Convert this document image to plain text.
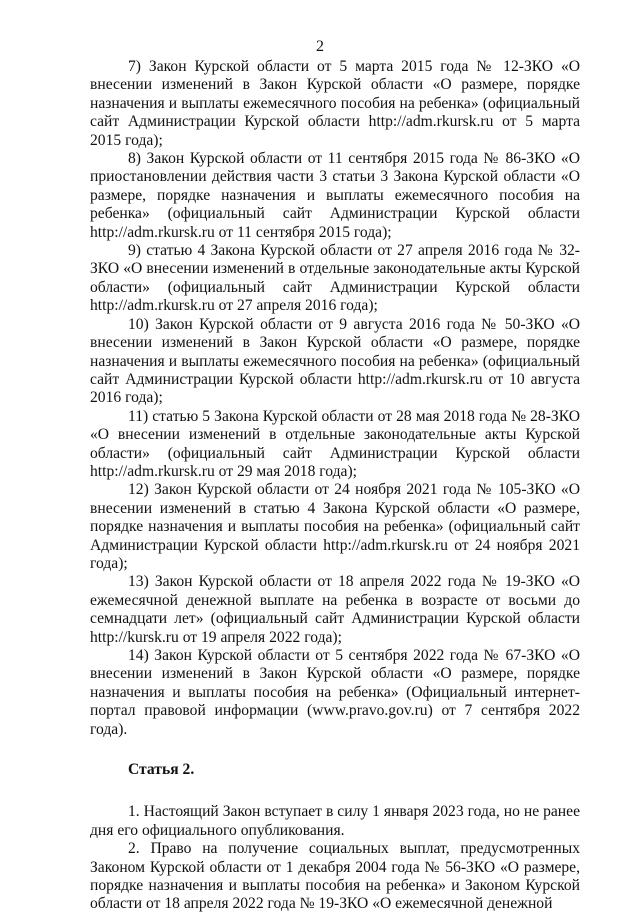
2

7) Закон Курской области от 5 марта 2015 года № 12-ЗКО «О внесении изменений в Закон Курской области «О размере, порядке назначения и выплаты ежемесячного пособия на ребенка» (официальный сайт Администрации Курской области http://adm.rkursk.ru от 5 марта 2015 года);

8) Закон Курской области от 11 сентября 2015 года № 86-ЗКО «О приостановлении действия части 3 статьи 3 Закона Курской области «О размере, порядке назначения и выплаты ежемесячного пособия на ребенка» (официальный сайт Администрации Курской области http://adm.rkursk.ru от 11 сентября 2015 года);

9) статью 4 Закона Курской области от 27 апреля 2016 года № 32-ЗКО «О внесении изменений в отдельные законодательные акты Курской области» (официальный сайт Администрации Курской области http://adm.rkursk.ru от 27 апреля 2016 года);

10) Закон Курской области от 9 августа 2016 года № 50-ЗКО «О внесении изменений в Закон Курской области «О размере, порядке назначения и выплаты ежемесячного пособия на ребенка» (официальный сайт Администрации Курской области http://adm.rkursk.ru от 10 августа 2016 года);

11) статью 5 Закона Курской области от 28 мая 2018 года № 28-ЗКО «О внесении изменений в отдельные законодательные акты Курской области» (официальный сайт Администрации Курской области http://adm.rkursk.ru от 29 мая 2018 года);

12) Закон Курской области от 24 ноября 2021 года № 105-ЗКО «О внесении изменений в статью 4 Закона Курской области «О размере, порядке назначения и выплаты пособия на ребенка» (официальный сайт Администрации Курской области http://adm.rkursk.ru от 24 ноября 2021 года);

13) Закон Курской области от 18 апреля 2022 года № 19-ЗКО «О ежемесячной денежной выплате на ребенка в возрасте от восьми до семнадцати лет» (официальный сайт Администрации Курской области http://kursk.ru от 19 апреля 2022 года);

14) Закон Курской области от 5 сентября 2022 года № 67-ЗКО «О внесении изменений в Закон Курской области «О размере, порядке назначения и выплаты пособия на ребенка» (Официальный интернет-портал правовой информации (www.pravo.gov.ru) от 7 сентября 2022 года).

Статья 2.

1. Настоящий Закон вступает в силу 1 января 2023 года, но не ранее дня его официального опубликования.

2. Право на получение социальных выплат, предусмотренных Законом Курской области от 1 декабря 2004 года № 56-ЗКО «О размере, порядке назначения и выплаты пособия на ребенка» и Законом Курской области от 18 апреля 2022 года № 19-ЗКО «О ежемесячной денежной
